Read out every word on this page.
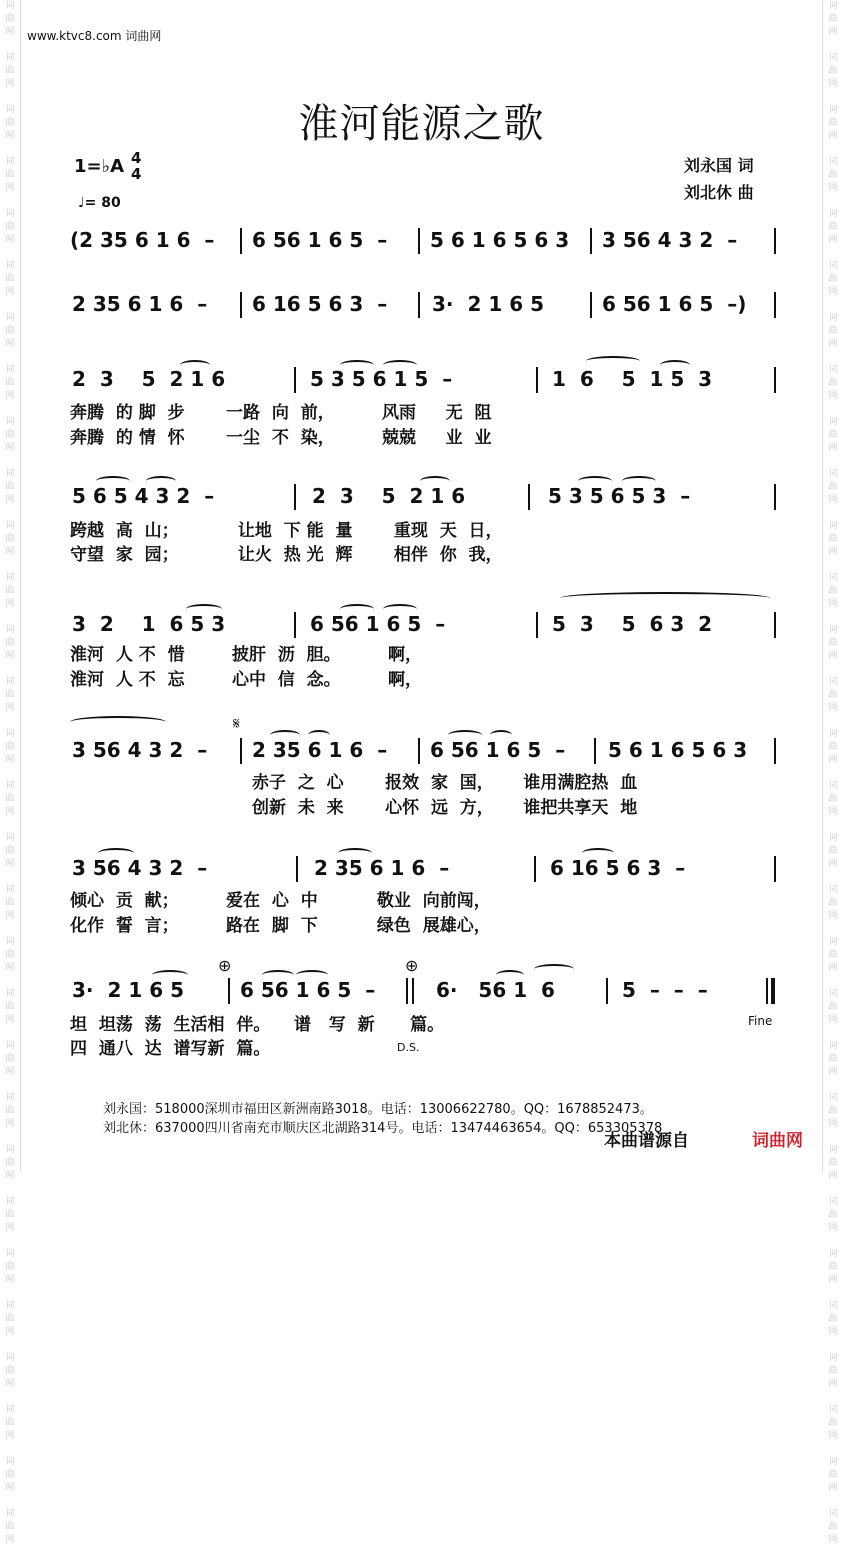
词
曲
网

词
曲
网

词
曲
网

词
曲
网

词
曲
网

词
曲
网

词
曲
网

词
曲
网

词
曲
网

词
曲
网

词
曲
网

词
曲
网

词
曲
网

词
曲
网

词
曲
网

词
曲
网

词
曲
网

词
曲
网

词
曲
网

词
曲
网

词
曲
网

词
曲
网

词
曲
网

词
曲
网

词
曲
网

词
曲
网

词
曲
网

词
曲
网

词
曲
网

词
曲
网

词
曲
网

词
曲
网

词
曲
网

词
曲
网

词
曲
网

词
曲
网

词
曲
网

词
曲
网

词
曲
网

词
曲
网

词
曲
网

词
曲
网

词
曲
网

词
曲
网

词
曲
网

词
曲
网

词
曲
网

词
曲
网

词
曲
网

词
曲
网

词
曲
网

词
曲
网

词
曲
网

词
曲
网

词
曲
网

词
曲
网

词
曲
网

词
曲
网

词
曲
网

词
曲
网

www.ktvc8.com 词曲网
淮河能源之歌
1=♭A 4
4
♩= 80
刘永国 词
刘北休 曲
(2 35 6 1 6  – 6 56 1 6 5  – 5 6 1 6 5 6 3 3 56 4 3 2  –
2 35 6 1 6  – 6 16 5 6 3  – 3·  2 1 6 5	6 56 1 6 5  –)
2  3    5  2 1 6	5 3 5 6 1 5  –	1  6    5  1 5  3
奔腾  的 脚  步       一路  向  前，        风雨     无  阻
奔腾  的 情  怀       一尘  不  染，        兢兢     业  业
5 6 5 4 3 2  –	2  3    5  2 1 6	5 3 5 6 5 3  –
跨越  高  山；          让地  下 能  量       重现  天  日，
守望  家  园；          让火  热 光  辉       相伴  你  我，
3  2    1  6 5 3	6 56 1 6 5  –	5  3    5  6 3  2
淮河  人 不  惜        披肝  沥  胆。        啊，
淮河  人 不  忘        心中  信  念。        啊，
𝄋
3 56 4 3 2  – 2 35 6 1 6  – 6 56 1 6 5  – 5 6 1 6 5 6 3
赤子  之  心       报效  家  国，     谁用满腔热  血
创新  未  来       心怀  远  方，     谁把共享天  地
3 56 4 3 2  –	2 35 6 1 6  –	6 16 5 6 3  –
倾心  贡  献；        爱在  心  中          敬业  向前闯，
化作  誓  言；        路在  脚  下          绿色  展雄心，
⊕	⊕
3·  2 1 6 5	6 56 1 6 5  –	6·   56 1  6	5  –  –  –
坦  坦荡  荡  生活相  伴。    谱   写  新      篇。
四  通八  达  谱写新  篇。
Fine
D.S.
刘永国：518000深圳市福田区新洲南路3018。电话：13006622780。QQ：1678852473。
刘北休：637000四川省南充市顺庆区北湖路314号。电话：13474463654。QQ：653305378
本曲谱源自	词曲网
